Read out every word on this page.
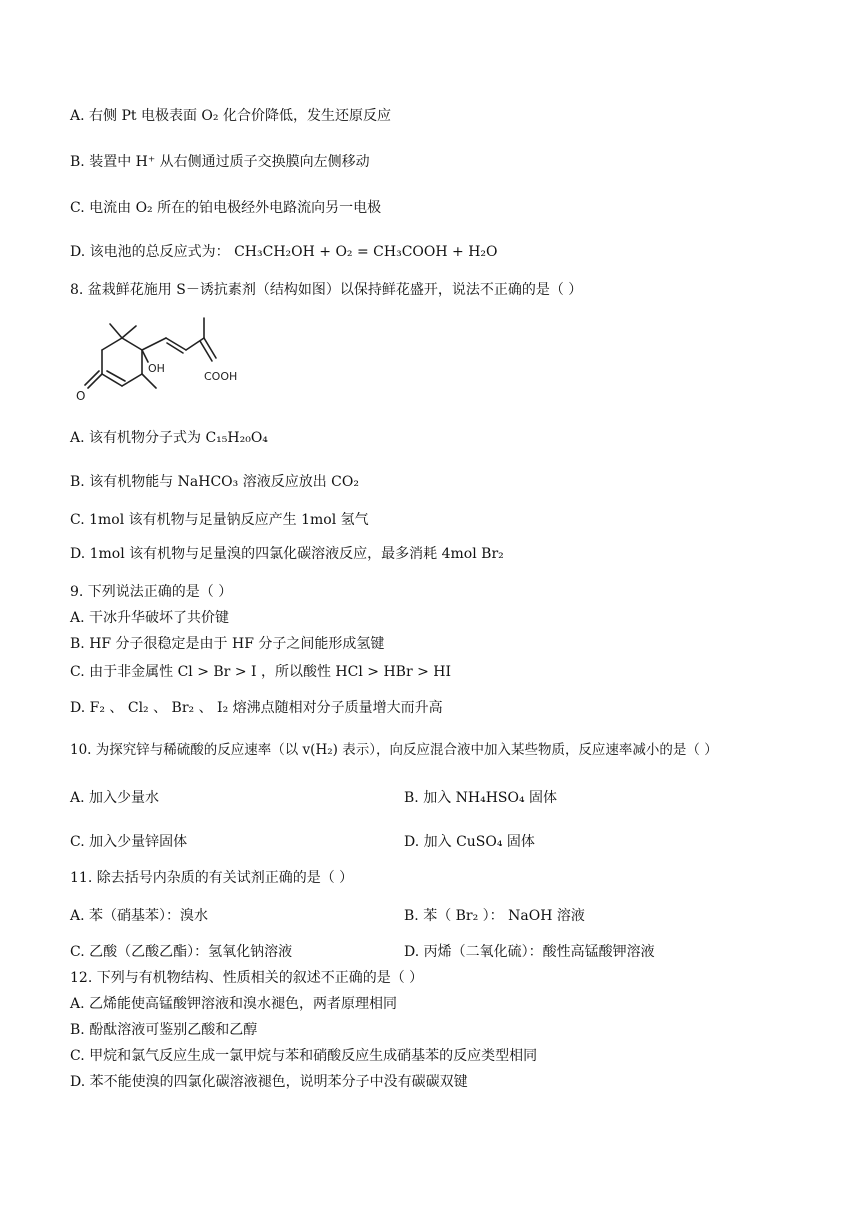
A. 右侧 Pt 电极表面 O₂ 化合价降低，发生还原反应
B. 装置中 H⁺ 从右侧通过质子交换膜向左侧移动
C. 电流由 O₂ 所在的铂电极经外电路流向另一电极
D. 该电池的总反应式为： CH₃CH₂OH + O₂ = CH₃COOH + H₂O
8. 盆栽鲜花施用 S－诱抗素剂（结构如图）以保持鲜花盛开，说法不正确的是（ ）
OH
COOH
O
A. 该有机物分子式为 C₁₅H₂₀O₄
B. 该有机物能与 NaHCO₃ 溶液反应放出 CO₂
C. 1mol 该有机物与足量钠反应产生 1mol 氢气
D. 1mol 该有机物与足量溴的四氯化碳溶液反应，最多消耗 4mol Br₂
9. 下列说法正确的是（ ）
A. 干冰升华破坏了共价键
B. HF 分子很稳定是由于 HF 分子之间能形成氢键
C. 由于非金属性 Cl > Br > I ，所以酸性 HCl > HBr > HI
D. F₂ 、 Cl₂ 、 Br₂ 、 I₂ 熔沸点随相对分子质量增大而升高
10. 为探究锌与稀硫酸的反应速率（以 v(H₂) 表示），向反应混合液中加入某些物质，反应速率减小的是（ ）
A. 加入少量水	B. 加入 NH₄HSO₄ 固体
C. 加入少量锌固体	D. 加入 CuSO₄ 固体
11. 除去括号内杂质的有关试剂正确的是（ ）
A. 苯（硝基苯）：溴水	B. 苯（ Br₂ ）： NaOH 溶液
C. 乙酸（乙酸乙酯）：氢氧化钠溶液	D. 丙烯（二氧化硫）：酸性高锰酸钾溶液
12. 下列与有机物结构、性质相关的叙述不正确的是（ ）
A. 乙烯能使高锰酸钾溶液和溴水褪色，两者原理相同
B. 酚酞溶液可鉴别乙酸和乙醇
C. 甲烷和氯气反应生成一氯甲烷与苯和硝酸反应生成硝基苯的反应类型相同
D. 苯不能使溴的四氯化碳溶液褪色，说明苯分子中没有碳碳双键
